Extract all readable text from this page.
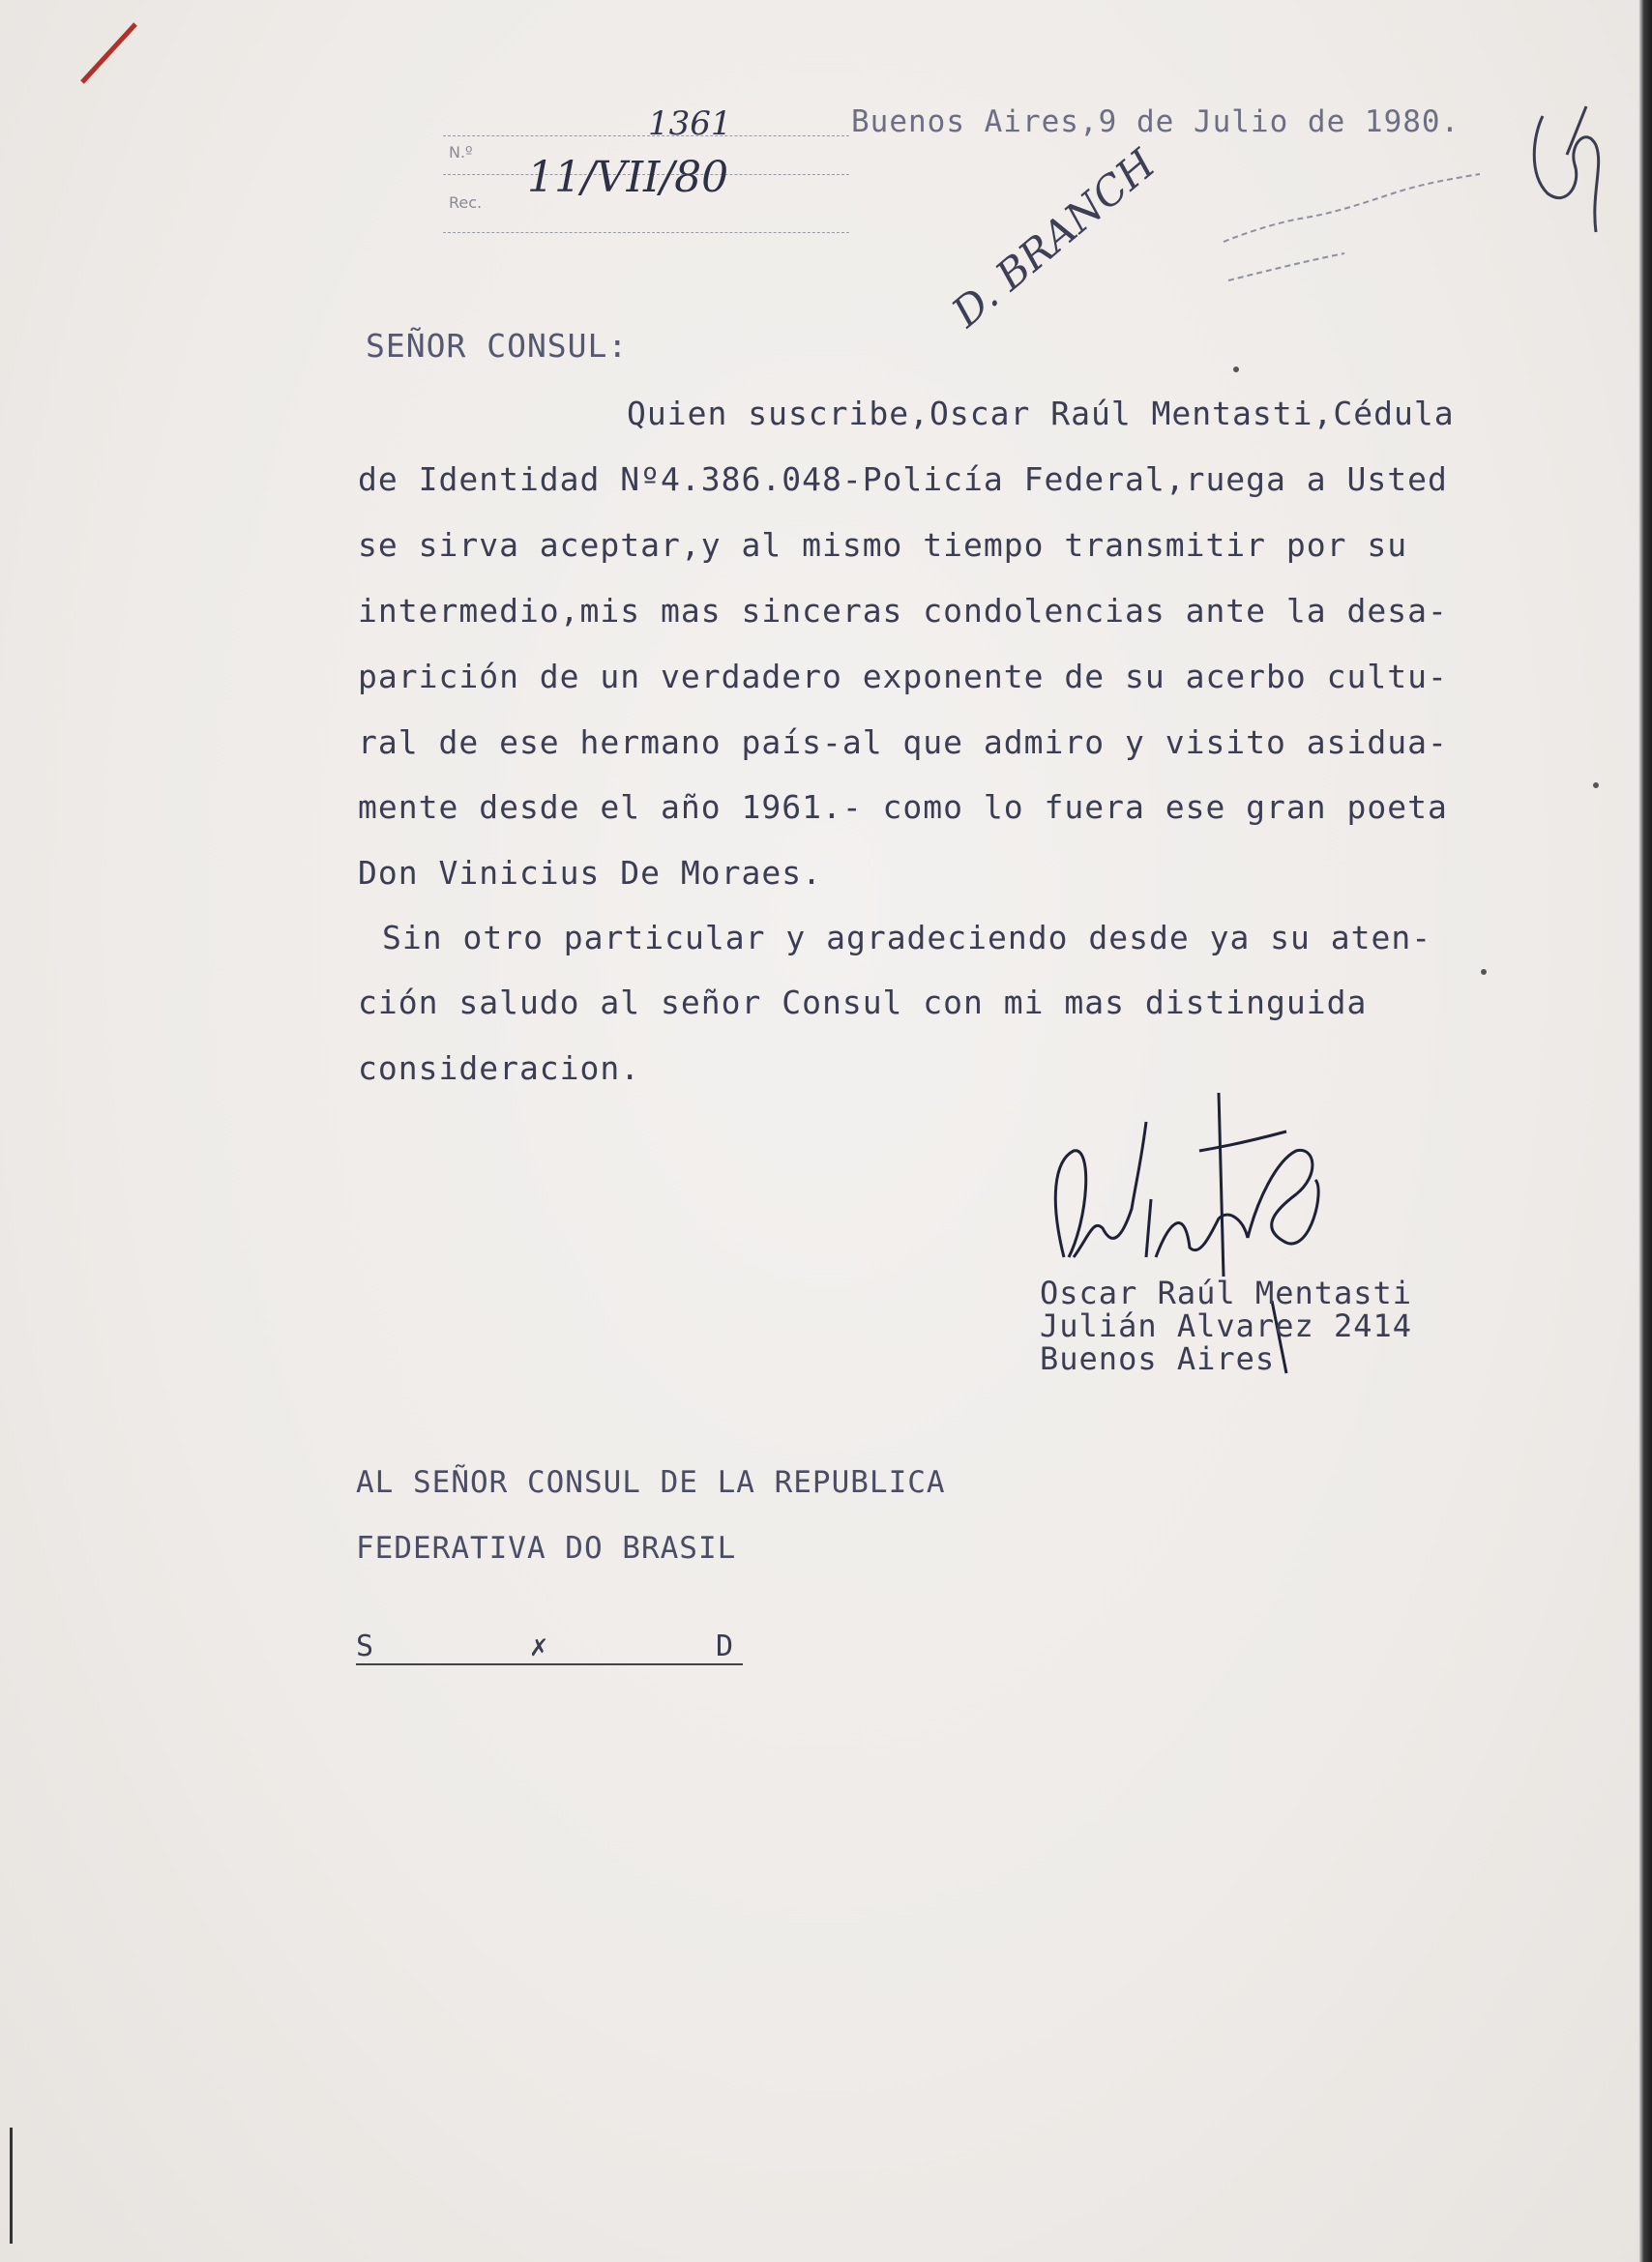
D. BRANCH
N.º
Rec.
1361
11/VII/80
Buenos Aires,9 de Julio de 1980.
SEÑOR CONSUL:
Quien suscribe,Oscar Raúl Mentasti,Cédula
de Identidad Nº4.386.048-Policía Federal,ruega a Usted
se sirva aceptar,y al mismo tiempo transmitir por su
intermedio,mis mas sinceras condolencias ante la desa-
parición de un verdadero exponente de su acerbo cultu-
ral de ese hermano país-al que admiro y visito asidua-
mente desde el año 1961.- como lo fuera ese gran poeta
Don Vinicius De Moraes.
Sin otro particular y agradeciendo desde ya su aten-
ción saludo al señor Consul con mi mas distinguida
consideracion.
Oscar Raúl Mentasti
Julián Alvarez 2414
Buenos Aires
AL SEÑOR CONSUL DE LA REPUBLICA
FEDERATIVA DO BRASIL
S	✗	D
